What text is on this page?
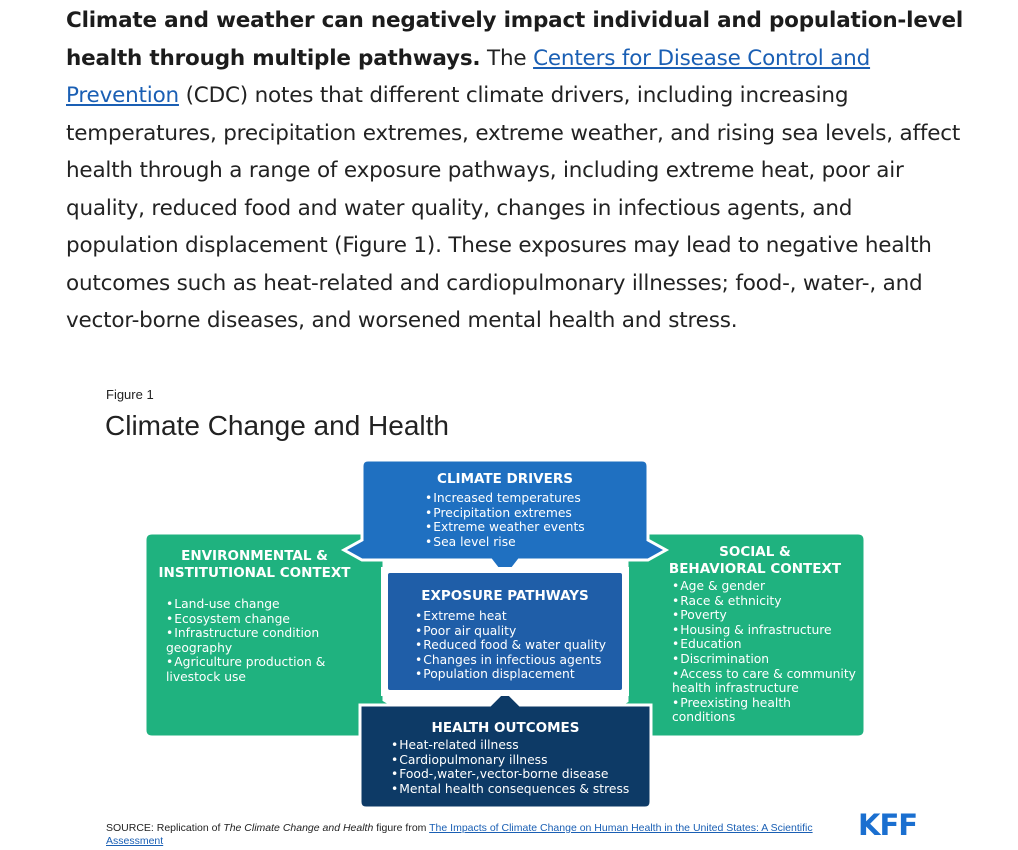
Climate and weather can negatively impact individual and population-level health through multiple pathways. The Centers for Disease Control and Prevention (CDC) notes that different climate drivers, including increasing temperatures, precipitation extremes, extreme weather, and rising sea levels, affect health through a range of exposure pathways, including extreme heat, poor air quality, reduced food and water quality, changes in infectious agents, and population displacement (Figure 1). These exposures may lead to negative health outcomes such as heat-related and cardiopulmonary illnesses; food-, water-, and vector-borne diseases, and worsened mental health and stress.
Figure 1
Climate Change and Health
CLIMATE DRIVERS
• Increased temperatures
• Precipitation extremes
• Extreme weather events
• Sea level rise
ENVIRONMENTAL &
INSTITUTIONAL CONTEXT
• Land-use change
• Ecosystem change
• Infrastructure condition geography
• Agriculture production & livestock use
SOCIAL &
BEHAVIORAL CONTEXT
• Age & gender
• Race & ethnicity
• Poverty
• Housing & infrastructure
• Education
• Discrimination
• Access to care & community health infrastructure
• Preexisting health conditions
EXPOSURE PATHWAYS
• Extreme heat
• Poor air quality
• Reduced food & water quality
• Changes in infectious agents
• Population displacement
HEALTH OUTCOMES
• Heat-related illness
• Cardiopulmonary illness
• Food-,water-,vector-borne disease
• Mental health consequences & stress
SOURCE: Replication of The Climate Change and Health figure from The Impacts of Climate Change on Human Health in the United States: A Scientific Assessment	KFF
